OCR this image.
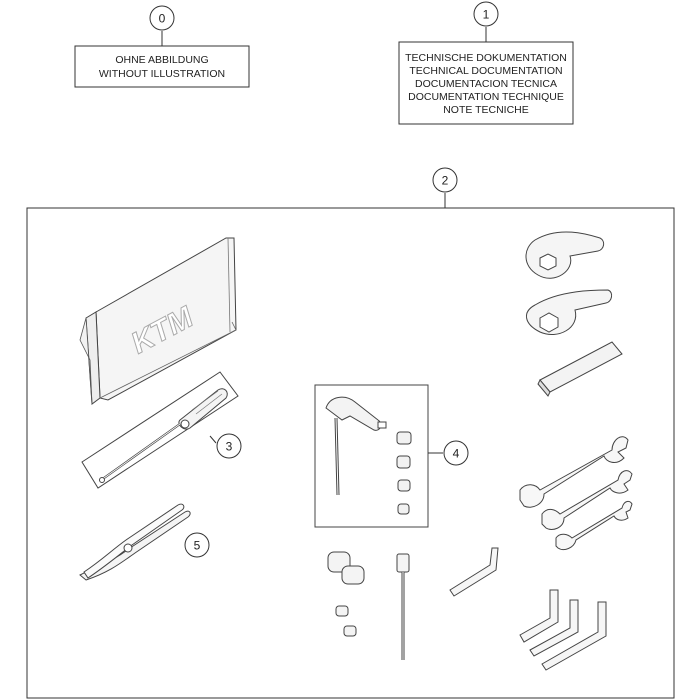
0
OHNE ABBILDUNG
WITHOUT ILLUSTRATION
1
TECHNISCHE DOKUMENTATION
TECHNICAL DOCUMENTATION
DOCUMENTACION TECNICA
DOCUMENTATION TECHNIQUE
NOTE TECNICHE
2
KTM
3
5
4
